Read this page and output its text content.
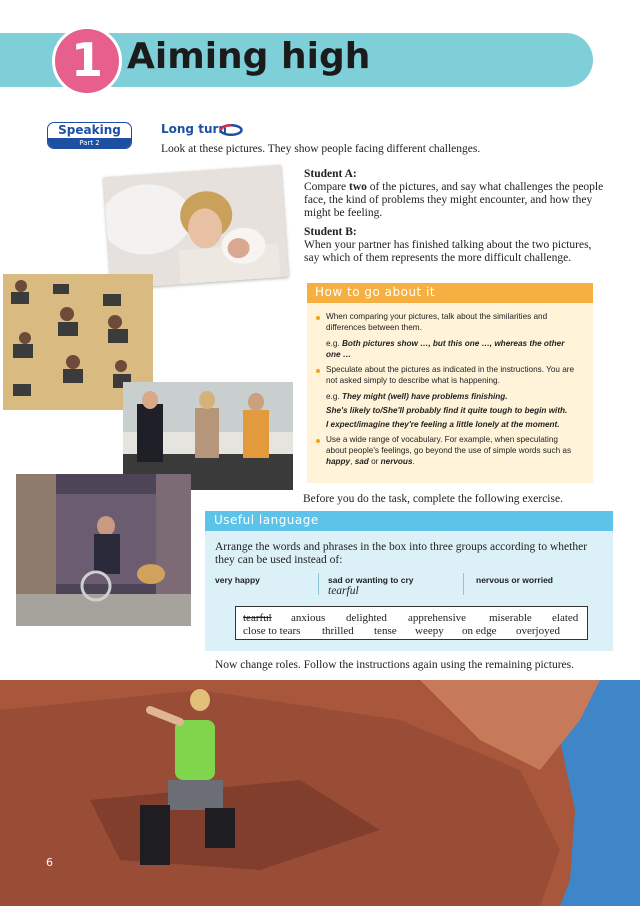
1 Aiming high
Speaking
Part 2
Long turn
Look at these pictures. They show people facing different challenges.
Student A:
Compare two of the pictures, and say what challenges the people face, the kind of problems they might encounter, and how they might be feeling.
Student B:
When your partner has finished talking about the two pictures, say which of them represents the more difficult challenge.
How to go about it
When comparing your pictures, talk about the similarities and differences between them.
e.g. Both pictures show …, but this one …, whereas the other one …
Speculate about the pictures as indicated in the instructions. You are not asked simply to describe what is happening.
e.g. They might (well) have problems finishing.
She's likely to/She'll probably find it quite tough to begin with.
I expect/imagine they're feeling a little lonely at the moment.
Use a wide range of vocabulary. For example, when speculating about people's feelings, go beyond the use of simple words such as happy, sad or nervous.
Before you do the task, complete the following exercise.
Useful language
Arrange the words and phrases in the box into three groups according to whether they can be used instead of:
very happy	sad or wanting to cry	nervous or worried
tearful
tearful anxious delighted apprehensive miserable elated
close to tears thrilled tense weepy on edge overjoyed
Now change roles. Follow the instructions again using the remaining pictures.
6
